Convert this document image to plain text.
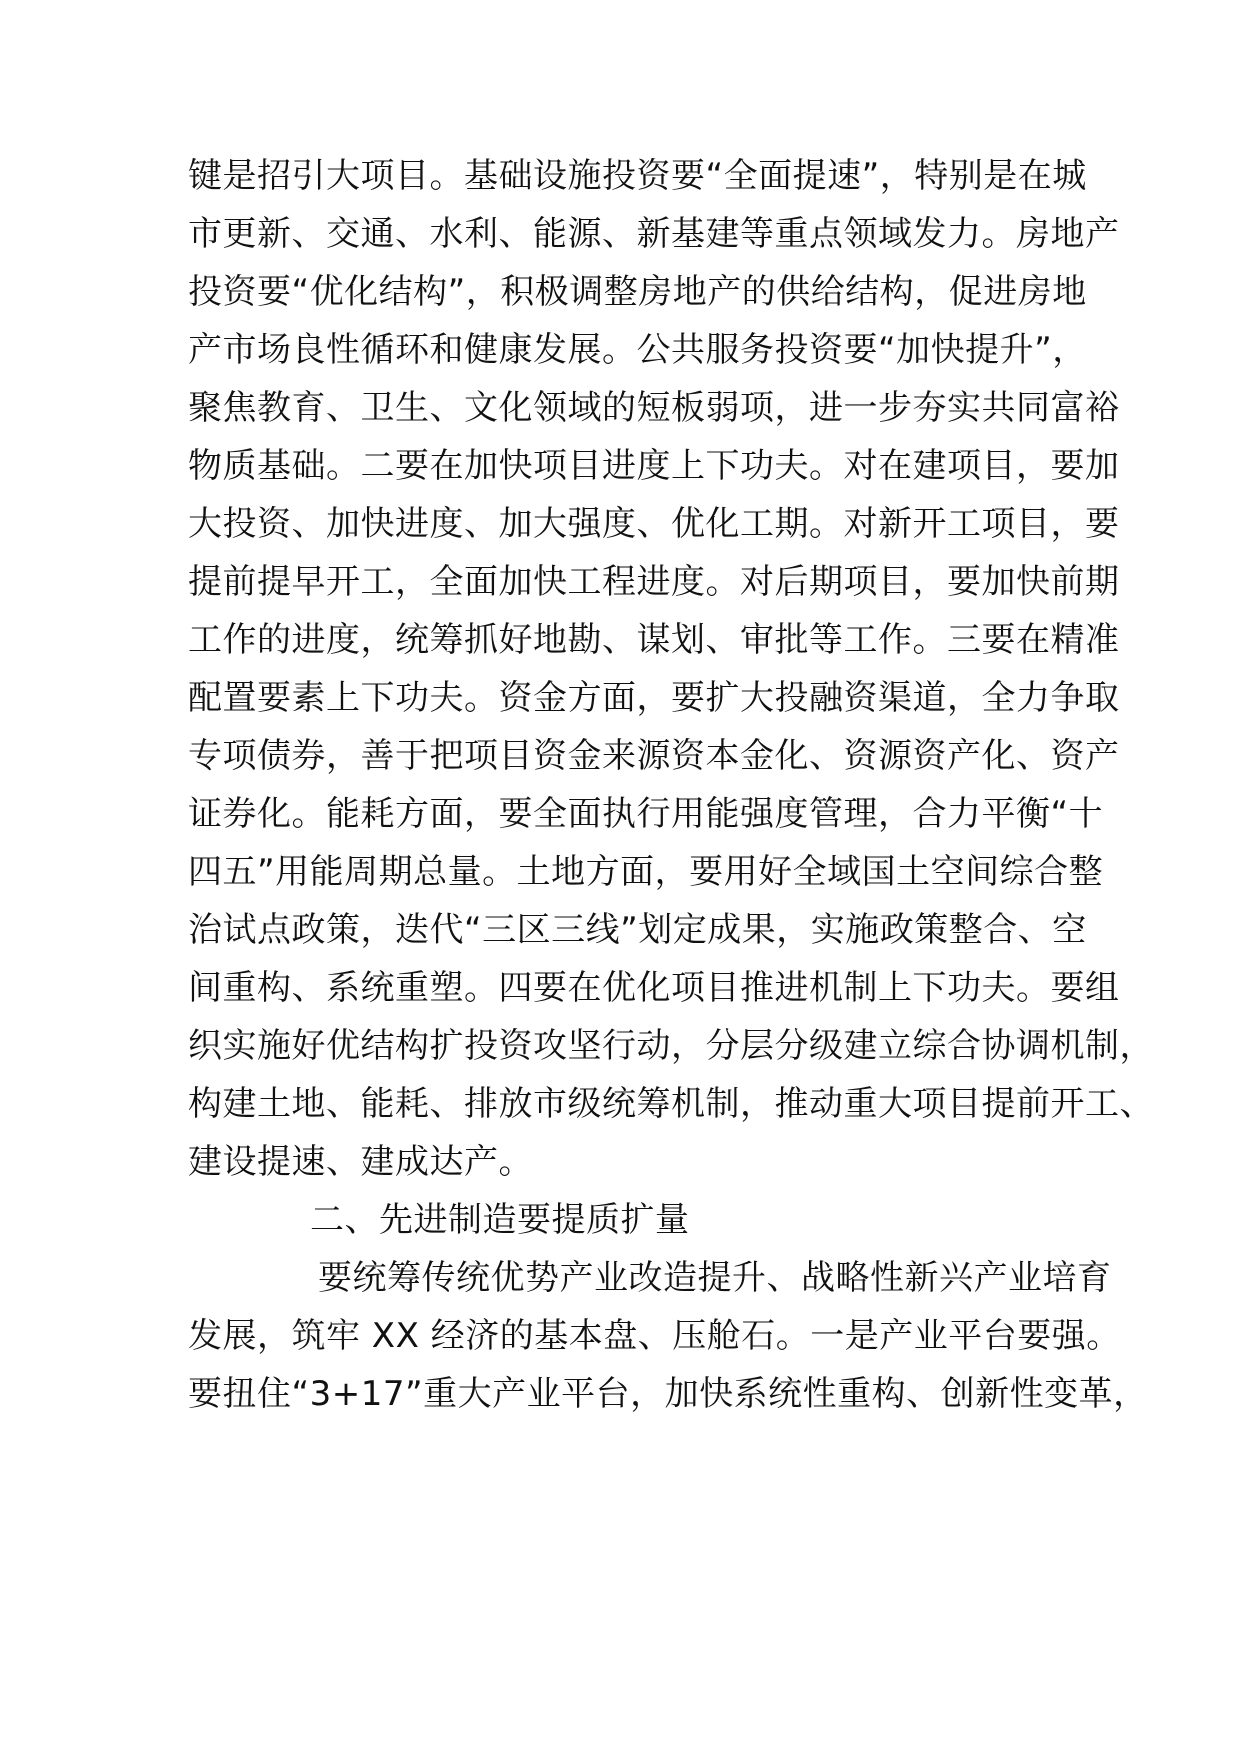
键是招引大项目。基础设施投资要“全面提速”，特别是在城
市更新、交通、水利、能源、新基建等重点领域发力。房地产
投资要“优化结构”，积极调整房地产的供给结构，促进房地
产市场良性循环和健康发展。公共服务投资要“加快提升”，
聚焦教育、卫生、文化领域的短板弱项，进一步夯实共同富裕
物质基础。二要在加快项目进度上下功夫。对在建项目，要加
大投资、加快进度、加大强度、优化工期。对新开工项目，要
提前提早开工，全面加快工程进度。对后期项目，要加快前期
工作的进度，统筹抓好地勘、谋划、审批等工作。三要在精准
配置要素上下功夫。资金方面，要扩大投融资渠道，全力争取
专项债券，善于把项目资金来源资本金化、资源资产化、资产
证券化。能耗方面，要全面执行用能强度管理，合力平衡“十
四五”用能周期总量。土地方面，要用好全域国土空间综合整
治试点政策，迭代“三区三线”划定成果，实施政策整合、空
间重构、系统重塑。四要在优化项目推进机制上下功夫。要组
织实施好优结构扩投资攻坚行动，分层分级建立综合协调机制，
构建土地、能耗、排放市级统筹机制，推动重大项目提前开工、
建设提速、建成达产。
二、先进制造要提质扩量
要统筹传统优势产业改造提升、战略性新兴产业培育
发展，筑牢 XX 经济的基本盘、压舱石。一是产业平台要强。
要扭住“3+17”重大产业平台，加快系统性重构、创新性变革，
